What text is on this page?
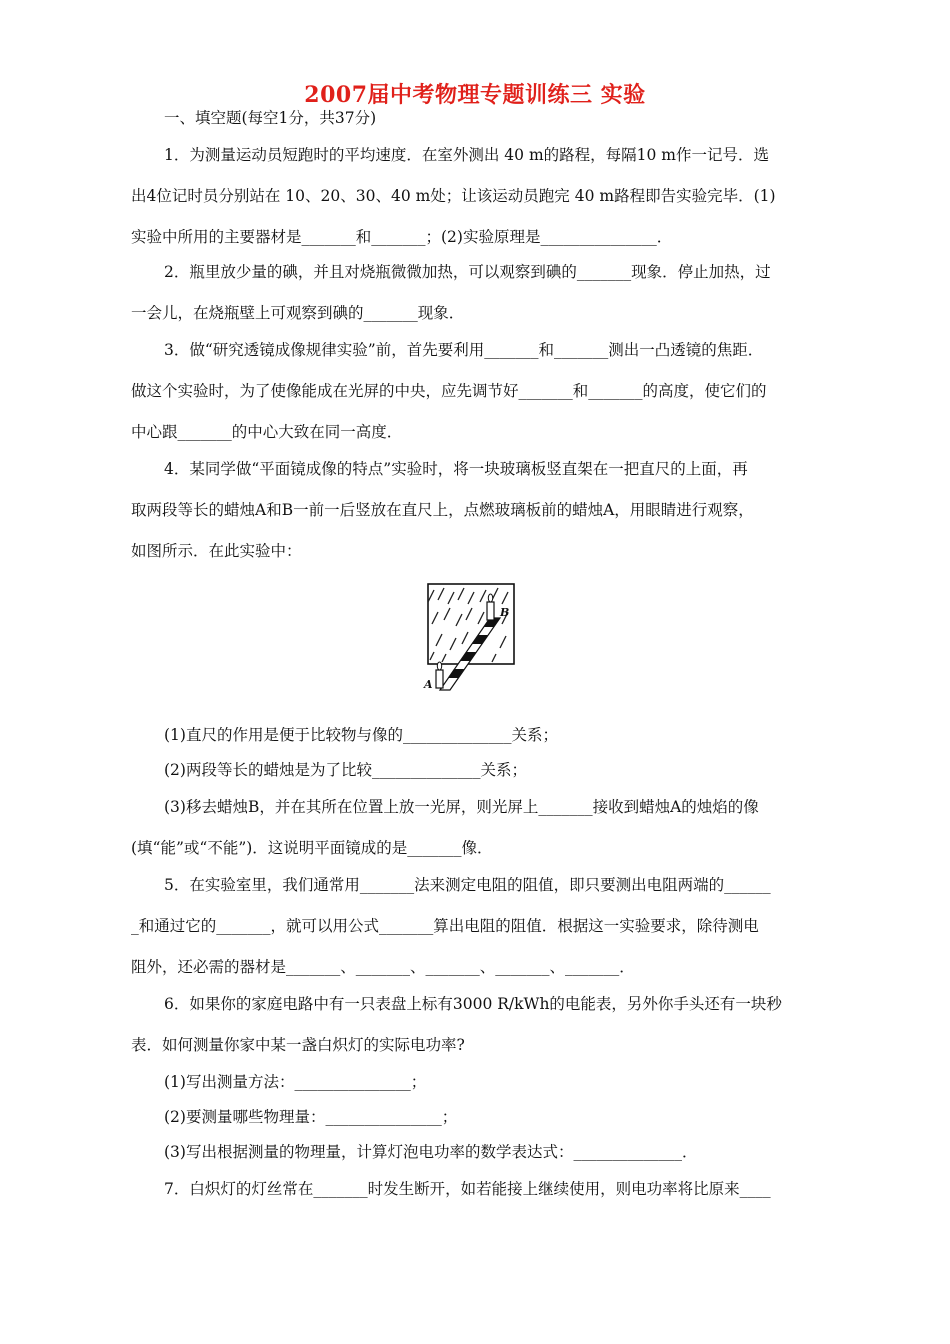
2007届中考物理专题训练三 实验
一、填空题(每空1分，共37分)
1．为测量运动员短跑时的平均速度．在室外测出 40 m的路程，每隔10 m作一记号．选
出4位记时员分别站在 10、20、30、40 m处；让该运动员跑完 40 m路程即告实验完毕．(1)
实验中所用的主要器材是_______和_______；(2)实验原理是_______________．
2．瓶里放少量的碘，并且对烧瓶微微加热，可以观察到碘的_______现象．停止加热，过
一会儿，在烧瓶壁上可观察到碘的_______现象．
3．做“研究透镜成像规律实验”前，首先要利用_______和_______测出一凸透镜的焦距．
做这个实验时，为了使像能成在光屏的中央，应先调节好_______和_______的高度，使它们的
中心跟_______的中心大致在同一高度．
4．某同学做“平面镜成像的特点”实验时，将一块玻璃板竖直架在一把直尺的上面，再
取两段等长的蜡烛A和B一前一后竖放在直尺上，点燃玻璃板前的蜡烛A，用眼睛进行观察，
如图所示．在此实验中：
B
A
(1)直尺的作用是便于比较物与像的______________关系；
(2)两段等长的蜡烛是为了比较______________关系；
(3)移去蜡烛B，并在其所在位置上放一光屏，则光屏上_______接收到蜡烛A的烛焰的像
(填“能”或“不能”)．这说明平面镜成的是_______像．
5．在实验室里，我们通常用_______法来测定电阻的阻值，即只要测出电阻两端的______
_和通过它的_______，就可以用公式_______算出电阻的阻值．根据这一实验要求，除待测电
阻外，还必需的器材是_______、_______、_______、_______、_______．
6．如果你的家庭电路中有一只表盘上标有3000 R/kWh的电能表，另外你手头还有一块秒
表．如何测量你家中某一盏白炽灯的实际电功率?
(1)写出测量方法：_______________；
(2)要测量哪些物理量：_______________；
(3)写出根据测量的物理量，计算灯泡电功率的数学表达式：______________．
7．白炽灯的灯丝常在_______时发生断开，如若能接上继续使用，则电功率将比原来____
